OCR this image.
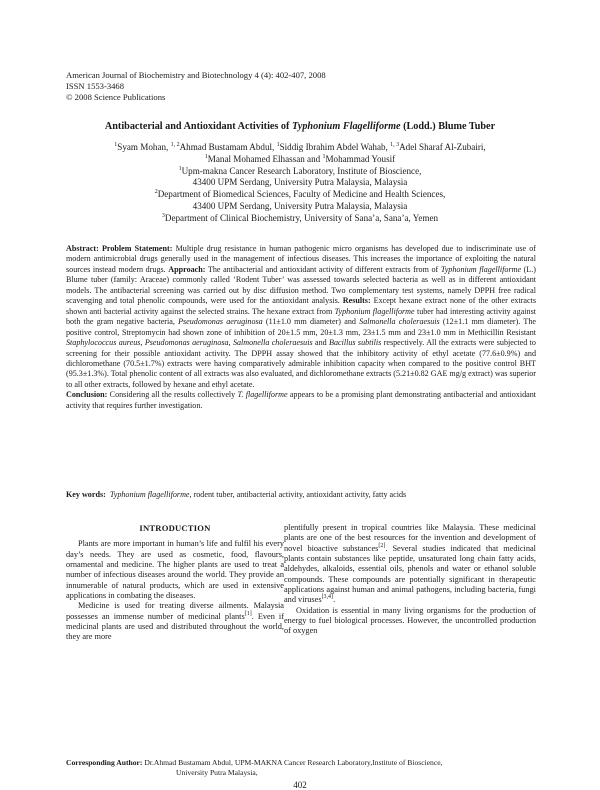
American Journal of Biochemistry and Biotechnology 4 (4): 402-407, 2008
ISSN 1553-3468
© 2008 Science Publications
Antibacterial and Antioxidant Activities of Typhonium Flagelliforme (Lodd.) Blume Tuber
$^1$Syam Mohan, $^{1, 2}$Ahmad Bustamam Abdul, $^1$Siddig Ibrahim Abdel Wahab, $^{1, 3}$Adel Sharaf Al-Zubairi,
$^1$Manal Mohamed Elhassan and $^1$Mohammad Yousif
$^1$Upm-makna Cancer Research Laboratory, Institute of Bioscience,
43400 UPM Serdang, University Putra Malaysia, Malaysia
$^2$Department of Biomedical Sciences, Faculty of Medicine and Health Sciences,
43400 UPM Serdang, University Putra Malaysia, Malaysia
$^3$Department of Clinical Biochemistry, University of Sana’a, Sana’a, Yemen

Abstract: Problem Statement: Multiple drug resistance in human pathogenic micro organisms has developed due to indiscriminate use of modern antimicrobial drugs generally used in the management of infectious diseases. This increases the importance of exploiting the natural sources instead modern drugs. Approach: The antibacterial and antioxidant activity of different extracts from of Typhonium flagelliforme (L.) Blume tuber (family: Araceae) commonly called ‘Rodent Tuber’ was assessed towards selected bacteria as well as in different antioxidant models. The antibacterial screening was carried out by disc diffusion method. Two complementary test systems, namely DPPH free radical scavenging and total phenolic compounds, were used for the antioxidant analysis. Results: Except hexane extract none of the other extracts shown anti bacterial activity against the selected strains. The hexane extract from Typhonium flagelliforme tuber had interesting activity against both the gram negative bacteria, Pseudomonas aeruginosa (11±1.0 mm diameter) and Salmonella choleraesuis (12±1.1 mm diameter). The positive control, Streptomycin had shown zone of inhibition of 20±1.5 mm, 20±1.3 mm, 23±1.5 mm and 23±1.0 mm in Methicillin Resistant Staphylococcus aureus, Pseudomonas aeruginosa, Salmonella choleraesuis and Bacillus subtilis respectively. All the extracts were subjected to screening for their possible antioxidant activity. The DPPH assay showed that the inhibitory activity of ethyl acetate (77.6±0.9%) and dichloromethane (70.5±1.7%) extracts were having comparatively admirable inhibition capacity when compared to the positive control BHT (95.3±1.3%). Total phenolic content of all extracts was also evaluated, and dichloromethane extracts (5.21±0.82 GAE mg/g extract) was superior to all other extracts, followed by hexane and ethyl acetate.

Conclusion: Considering all the results collectively T. flagelliforme appears to be a promising plant demonstrating antibacterial and antioxidant activity that requires further investigation.

Key words: Typhonium flagelliforme, rodent tuber, antibacterial activity, antioxidant activity, fatty acids
INTRODUCTION

Plants are more important in human’s life and fulfil his every day’s needs. They are used as cosmetic, food, flavours, ornamental and medicine. The higher plants are used to treat a number of infectious diseases around the world. They provide an innumerable of natural products, which are used in extensive applications in combating the diseases.

Medicine is used for treating diverse ailments. Malaysia possesses an immense number of medicinal plants[1]. Even if medicinal plants are used and distributed throughout the world, they are more

plentifully present in tropical countries like Malaysia. These medicinal plants are one of the best resources for the invention and development of novel bioactive substances[2]. Several studies indicated that medicinal plants contain substances like peptide, unsaturated long chain fatty acids, aldehydes, alkaloids, essential oils, phenols and water or ethanol soluble compounds. These compounds are potentially significant in therapeutic applications against human and animal pathogens, including bacteria, fungi and viruses[3,4].

Oxidation is essential in many living organisms for the production of energy to fuel biological processes. However, the uncontrolled production of oxygen

Corresponding Author: Dr.Ahmad Bustamam Abdul, UPM-MAKNA Cancer Research Laboratory,Institute of Bioscience,
University Putra Malaysia,
402
